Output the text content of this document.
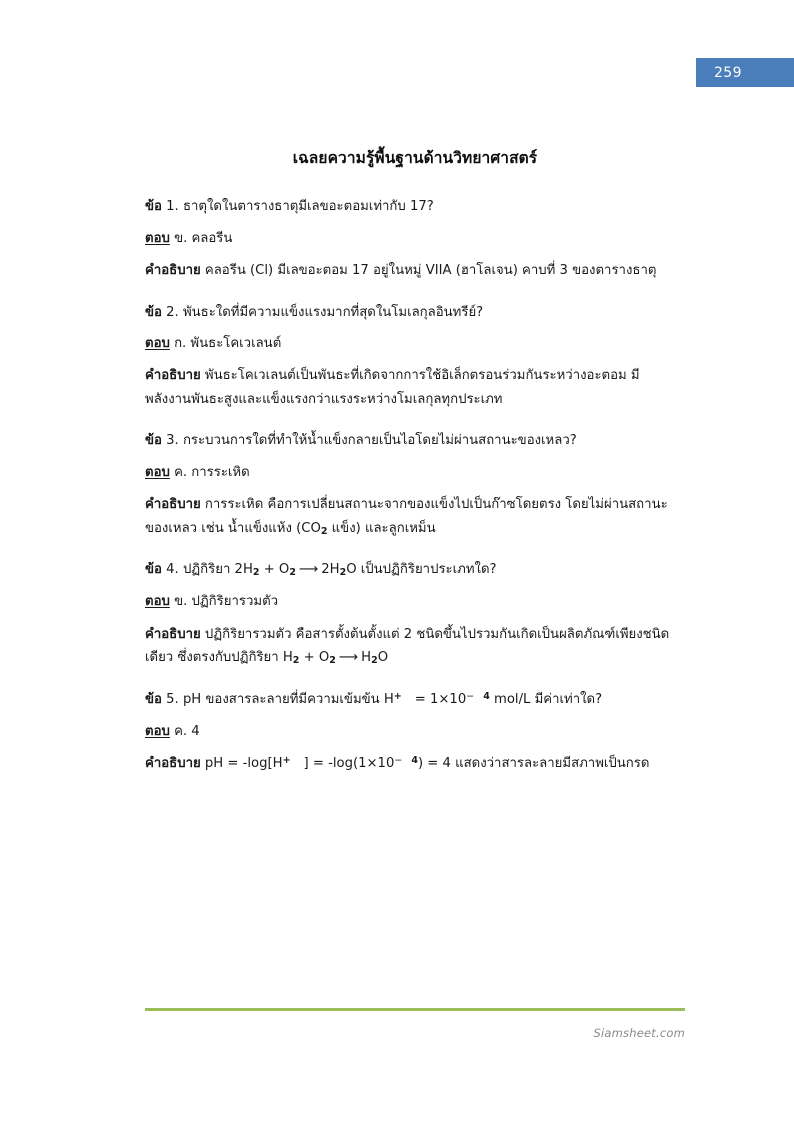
259
เฉลยความรู้พื้นฐานด้านวิทยาศาสตร์

ข้อ 1. ธาตุใดในตารางธาตุมีเลขอะตอมเท่ากับ 17?

ตอบ ข. คลอรีน

คำอธิบาย คลอรีน (Cl) มีเลขอะตอม 17 อยู่ในหมู่ VIIA (ฮาโลเจน) คาบที่ 3 ของตารางธาตุ

ข้อ 2. พันธะใดที่มีความแข็งแรงมากที่สุดในโมเลกุลอินทรีย์?

ตอบ ก. พันธะโคเวเลนต์

คำอธิบาย พันธะโคเวเลนต์เป็นพันธะที่เกิดจากการใช้อิเล็กตรอนร่วมกันระหว่างอะตอม มีพลังงานพันธะสูงและแข็งแรงกว่าแรงระหว่างโมเลกุลทุกประเภท

ข้อ 3. กระบวนการใดที่ทำให้น้ำแข็งกลายเป็นไอโดยไม่ผ่านสถานะของเหลว?

ตอบ ค. การระเหิด

คำอธิบาย การระเหิด คือการเปลี่ยนสถานะจากของแข็งไปเป็นก๊าซโดยตรง โดยไม่ผ่านสถานะของเหลว เช่น น้ำแข็งแห้ง ($CO_2$ แข็ง) และลูกเหม็น

ข้อ 4. ปฏิกิริยา $2H_2 + O_2$ ⟶ $2H_2O$ เป็นปฏิกิริยาประเภทใด?

ตอบ ข. ปฏิกิริยารวมตัว

คำอธิบาย ปฏิกิริยารวมตัว คือสารตั้งต้นตั้งแต่ 2 ชนิดขึ้นไปรวมกันเกิดเป็นผลิตภัณฑ์เพียงชนิดเดียว ซึ่งตรงกับปฏิกิริยา $H_2 + O_2$ ⟶ $H_2O$

ข้อ 5. pH ของสารละลายที่มีความเข้มข้น H+ = 1×10− $^4$ mol/L มีค่าเท่าใด?

ตอบ ค. 4

คำอธิบาย pH = -log[H+ ] = -log(1×10− $^4$) = 4 แสดงว่าสารละลายมีสภาพเป็นกรด

Siamsheet.com
